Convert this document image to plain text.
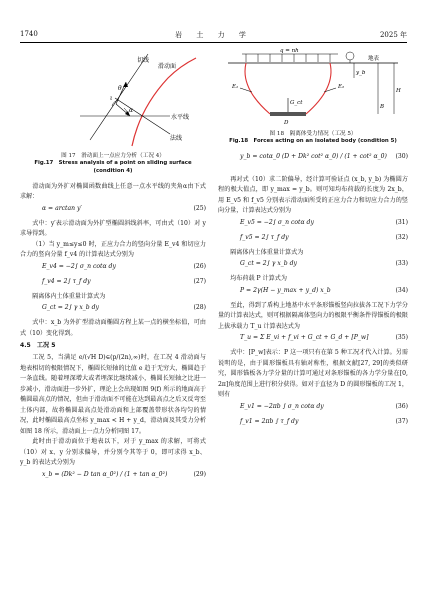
1740	岩 土 力 学	2025 年
切线
滑动面
水平线
法线
α
ι
θ
图 17　滑动面上一点应力分析（工况 4）
Fig.17　Stress analysis of a point on sliding surface (condition 4)

滑动面为外扩对椭圆函数曲线上任意一点水平线的夹角α由下式求解：

α = arctan y′	(25)

式中：y′表示滑动面为外扩型椭圆斜线斜率，可由式（10）对 y 求导得到。

（1）当 y_m≤y≤0 时，正应力合力的竖向分量 E_v4 和切应力合力的竖向分量 f_v4 的计算表达式分别为

E_v4 = −2∫ σ_n cotα dy	(26)
f_v4 = 2∫ τ_f dy	(27)

隔离体内土体重量计算式为

G_ct = 2∫ γ x_b dy	(28)

式中：x_b 为外扩型滑动面椭圆方程上某一点的横坐标值，可由式（10）变化得到。

4.5　工况 5

工况 5，当满足 e/(√H D)∈(p/(2n),∞)时，在工况 4 滑动面与地表相切的极限情况下，椭圆长短轴的比值 e 趋于无穷大，椭圆趋于一条直线。随着埋深增大或者埋深比继续减小，椭圆长短轴之比进一步减小，滑动面进一步外扩，理论上会出现如图 9(f) 所示的地面高于椭圆最高点的情况，但由于滑动面不可能在达到最高点之后又反弯至土体内部，故将椭圆最高点处滑动面和上部覆盖带形状各均匀的情况，此时椭圆最高点坐标 y_max < H + y_d，滑动面及其受力分析如图 18 所示，滑动面上一点力分析同图 17。

此时由于滑动面位于地表以下，对于 y_max 的求解，可将式（10）对 x、y 分别求偏导，并分别令其等于 0，即可求得 x_b、y_b 的表达式分别为

x_b = (Dk² − D tan α_0²) / (1 + tan α_0²)	(29)
q = nh
地表
D
G_ct
E₁	E₂
y_b
H
B
图 18　隔离体受力情况（工况 5）
Fig.18　Forces acting on an isolated body (condition 5)
y_b = cotα_0 (D + Dk² cot² α_0) / (1 + cot² α_0) (30)

再对式（10）求二阶偏导，经计算可验证点 (x_b, y_b) 为椭圆方程的极大值点，即 y_max = y_b。则可知均布荷载的长度为 2x_b，用 E_v5 和 f_v5 分别表示滑动面所受的正应力合力和切应力合力的竖向分量，计算表达式分别为

E_v5 = −2∫ σ_n cotα dy	(31)
f_v5 = 2∫ τ_f dy	(32)

隔离体内土体重量计算式为

G_ct = 2∫ γ x_b dy	(33)

均布荷载 P 计算式为

P = 2γ(H − y_max + y_d) x_b	(34)

至此，得到了盾构上地基中水平条形锚板竖向拉拔各工况下力学分量的计算表达式，则可根据隔离体竖向力的极限平衡条件得锚板的极限上拔承载力 T_u 计算表达式为

T_u = Σ E_vi + f_vi + G_ct + G_d + [P_w]	(35)

式中：[P_w]表示：P 这一项只有在第 5 种工况才代入计算。另需说明的是，由于圆形锚板具有轴对称性，根据文献[27, 29]的类似研究，圆形锚板各力学分量的计算可通过对条形锚板的各力学分量在[0, 2π]角度范围上进行积分获得。如对于直径为 D 的圆形锚板的工况 1，则有

E_v1 = −2πb ∫ σ_n cotα dy	(36)
f_v1 = 2πb ∫ τ_f dy	(37)
